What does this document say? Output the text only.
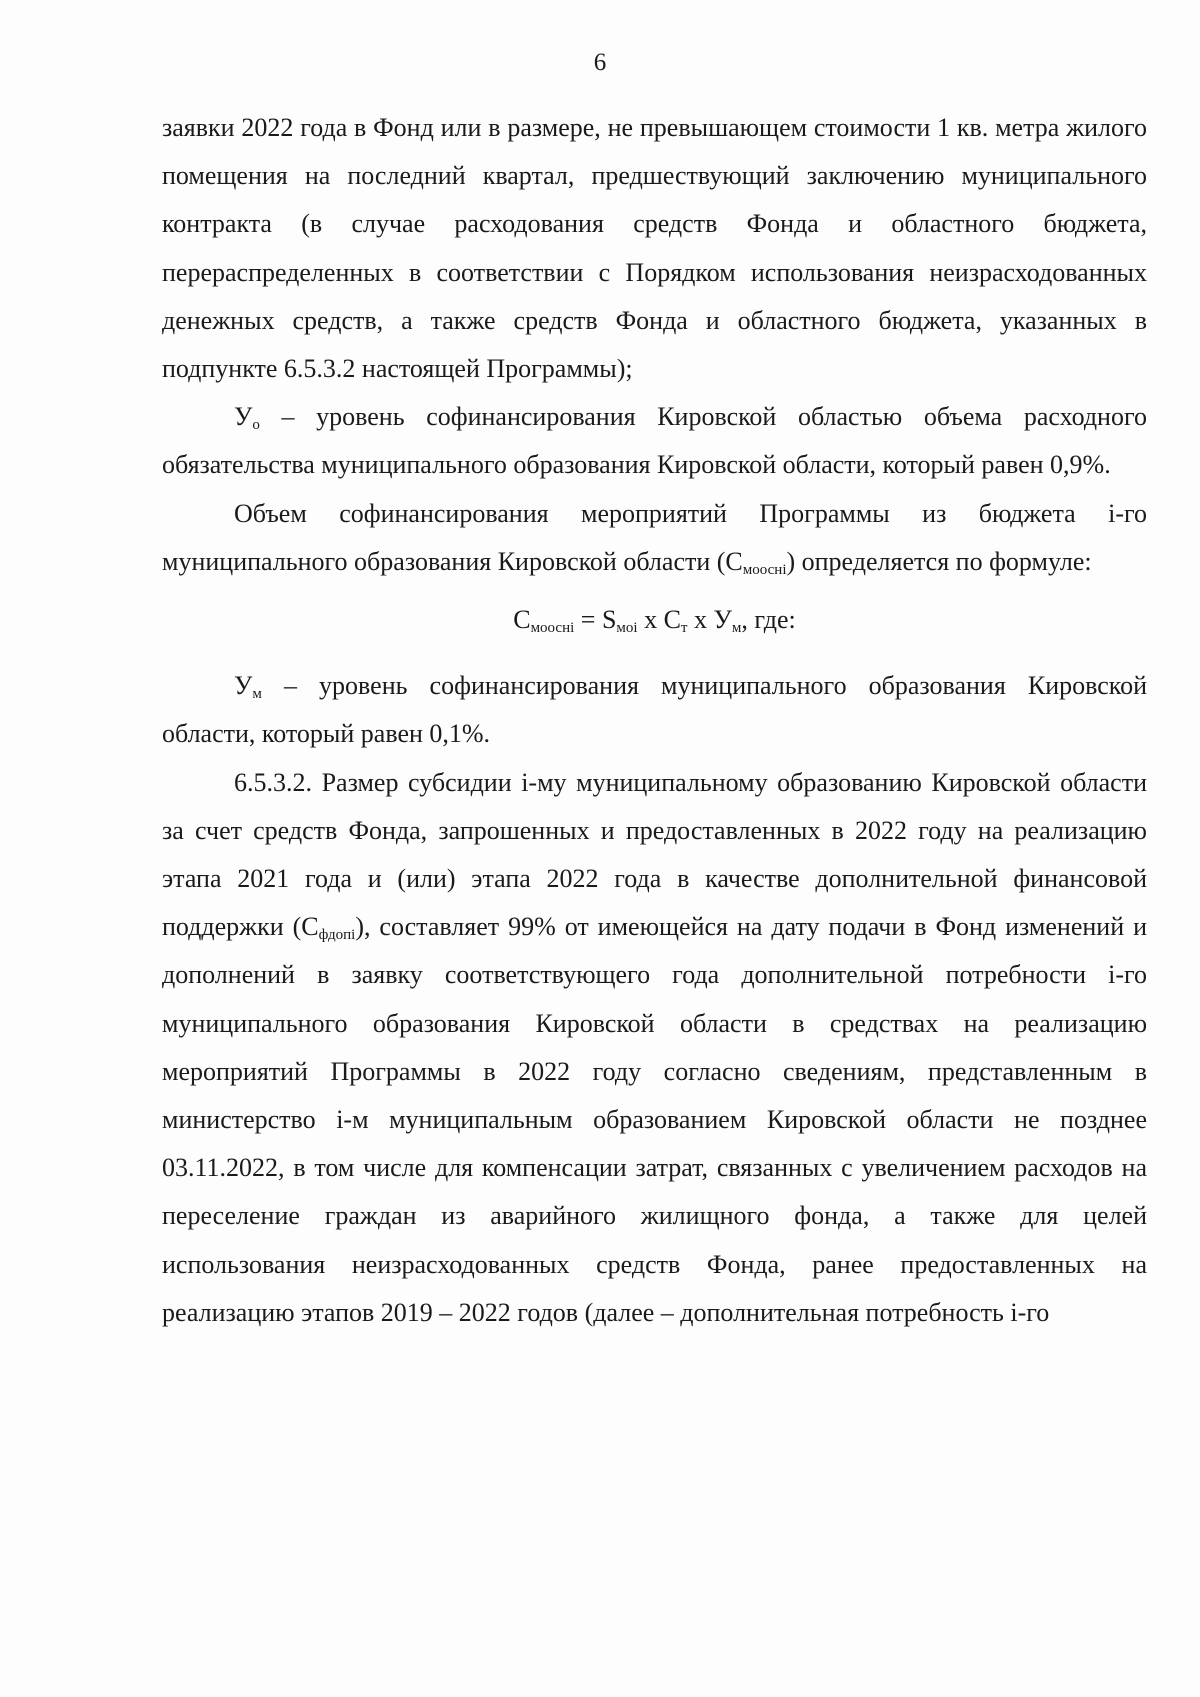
6

заявки 2022 года в Фонд или в размере, не превышающем стоимости 1 кв. метра жилого помещения на последний квартал, предшествующий заключению муниципального контракта (в случае расходования средств Фонда и областного бюджета, перераспределенных в соответствии с Порядком использования неизрасходованных денежных средств, а также средств Фонда и областного бюджета, указанных в подпункте 6.5.3.2 настоящей Программы);

$У_о$ – уровень софинансирования Кировской областью объема расходного обязательства муниципального образования Кировской области, который равен 0,9%.

Объем софинансирования мероприятий Программы из бюджета i-го муниципального образования Кировской области $(С_{моосні})$ определяется по формуле:

$С_{моосні} = S_{моі}$ х $С_т$ х $У_м$, где:

$У_м$ – уровень софинансирования муниципального образования Кировской области, который равен 0,1%.

6.5.3.2. Размер субсидии i-му муниципальному образованию Кировской области за счет средств Фонда, запрошенных и предоставленных в 2022 году на реализацию этапа 2021 года и (или) этапа 2022 года в качестве дополнительной финансовой поддержки $(С_{фдопі})$, составляет 99% от имеющейся на дату подачи в Фонд изменений и дополнений в заявку соответствующего года дополнительной потребности i-го муниципального образования Кировской области в средствах на реализацию мероприятий Программы в 2022 году согласно сведениям, представленным в министерство i-м муниципальным образованием Кировской области не позднее 03.11.2022, в том числе для компенсации затрат, связанных с увеличением расходов на переселение граждан из аварийного жилищного фонда, а также для целей использования неизрасходованных средств Фонда, ранее предоставленных на реализацию этапов 2019 – 2022 годов (далее – дополнительная потребность i-го
